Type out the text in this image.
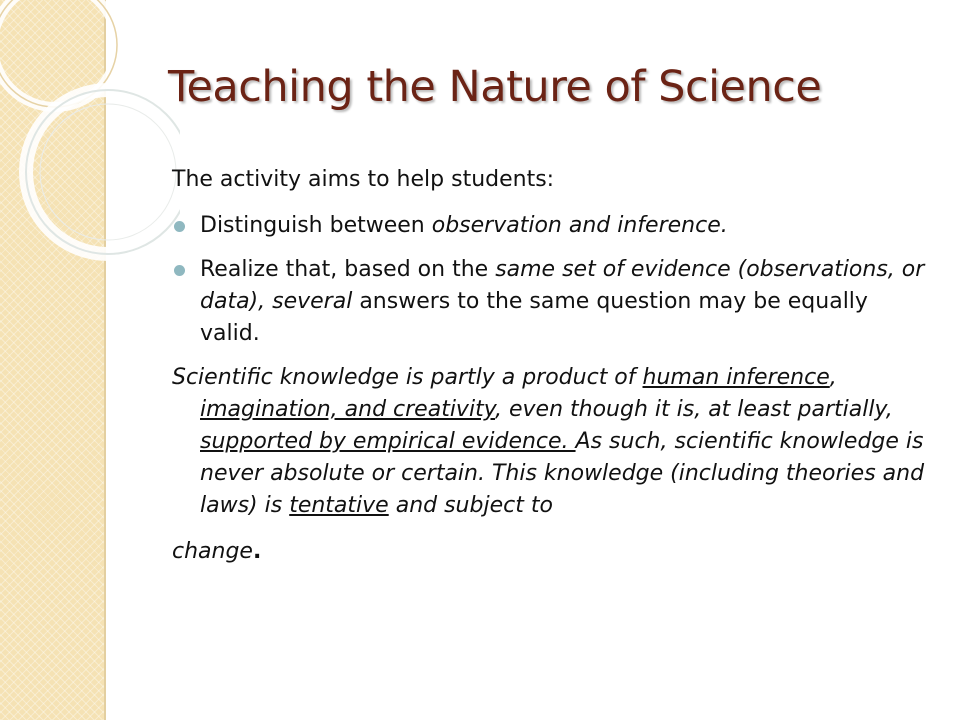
Teaching the Nature of Science

The activity aims to help students:

Distinguish between observation and inference.
Realize that, based on the same set of evidence (observations, or data), several answers to the same question may be equally valid.

Scientific knowledge is partly a product of human inference, imagination, and creativity, even though it is, at least partially, supported by empirical evidence. As such, scientific knowledge is never absolute or certain. This knowledge (including theories and laws) is tentative and subject to
change.
